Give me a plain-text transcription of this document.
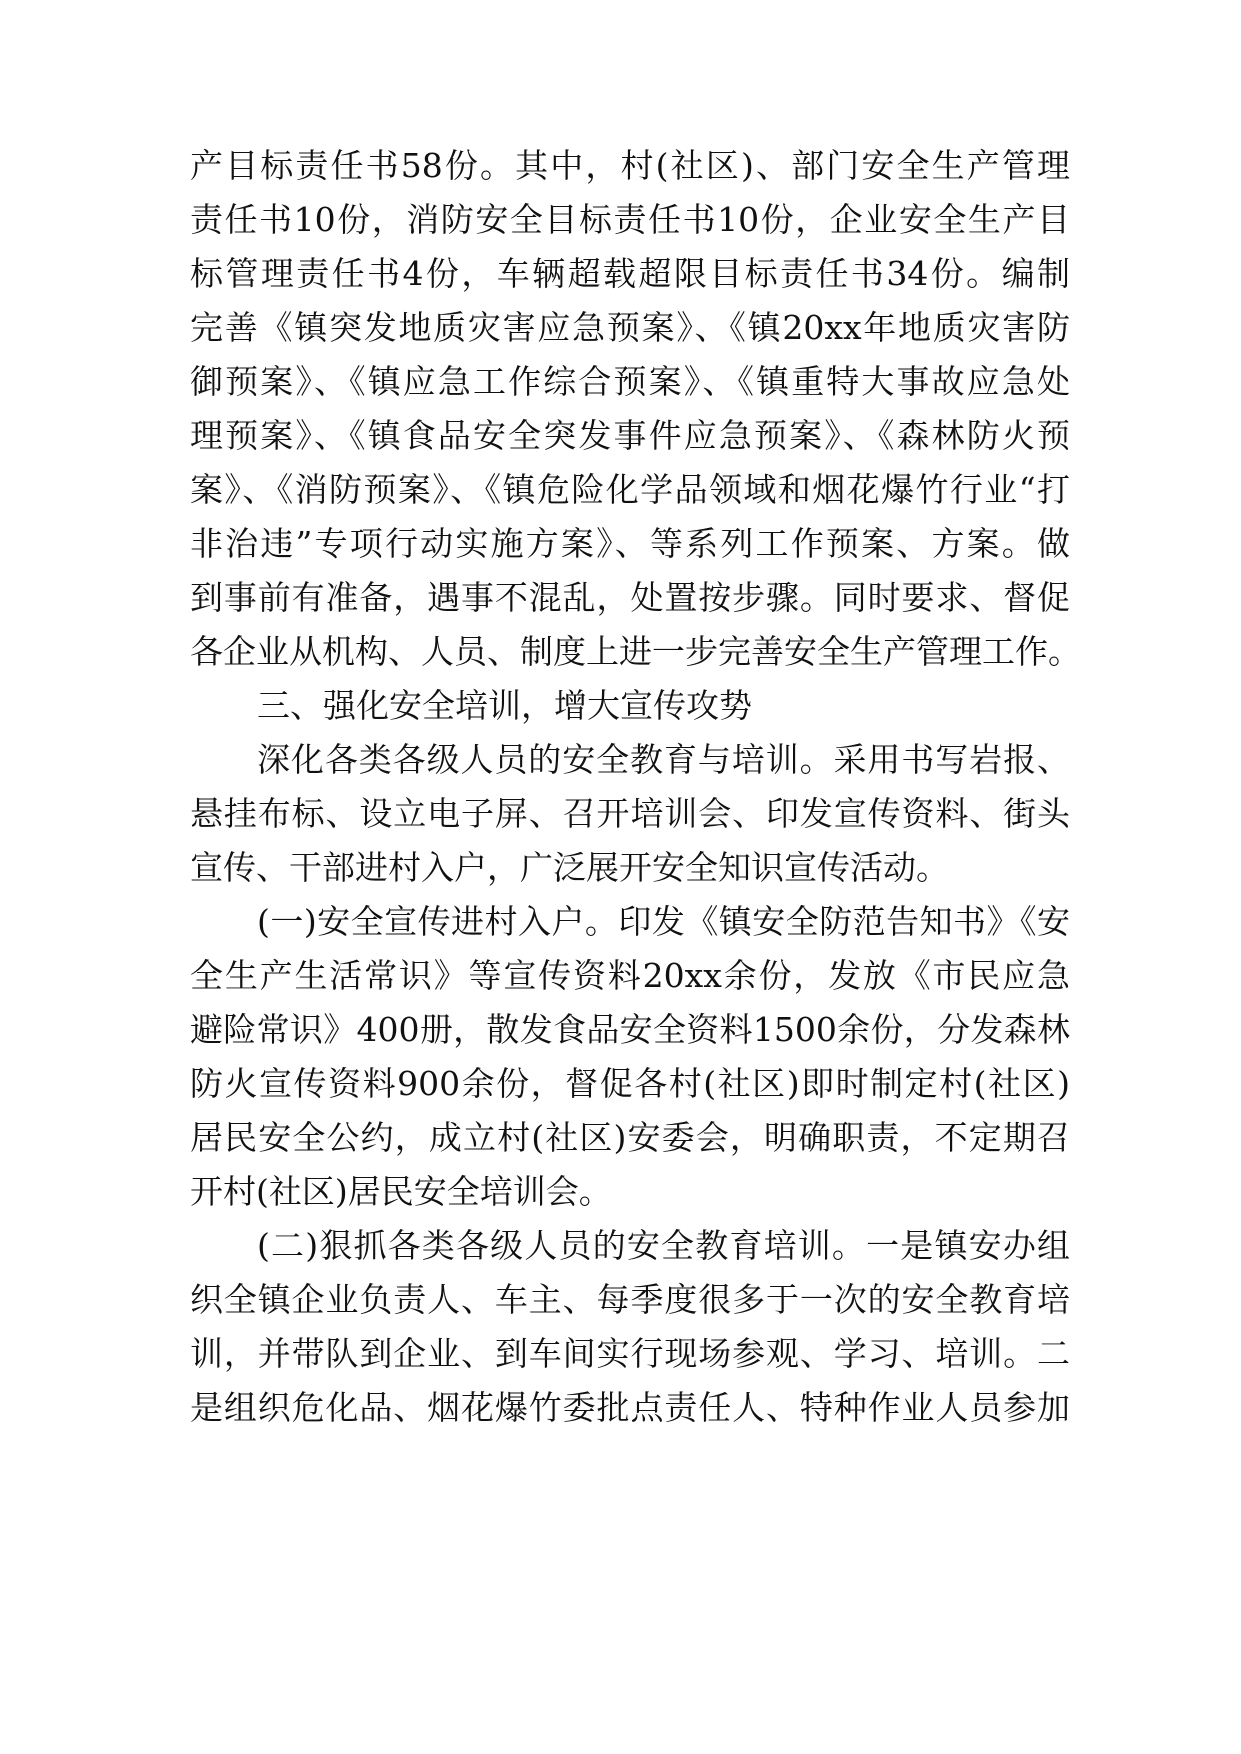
产目标责任书58份。其中，村(社区)、部门安全生产管理
责任书10份，消防安全目标责任书10份，企业安全生产目
标管理责任书4份，车辆超载超限目标责任书34份。编制
完善《镇突发地质灾害应急预案》、《镇20xx年地质灾害防
御预案》、《镇应急工作综合预案》、《镇重特大事故应急处
理预案》、《镇食品安全突发事件应急预案》、《森林防火预
案》、《消防预案》、《镇危险化学品领域和烟花爆竹行业“打
非治违”专项行动实施方案》、等系列工作预案、方案。做
到事前有准备，遇事不混乱，处置按步骤。同时要求、督促
各企业从机构、人员、制度上进一步完善安全生产管理工作。
三、强化安全培训，增大宣传攻势
深化各类各级人员的安全教育与培训。采用书写岩报、
悬挂布标、设立电子屏、召开培训会、印发宣传资料、街头
宣传、干部进村入户，广泛展开安全知识宣传活动。
(一)安全宣传进村入户。印发《镇安全防范告知书》《安
全生产生活常识》等宣传资料20xx余份，发放《市民应急
避险常识》400册，散发食品安全资料1500余份，分发森林
防火宣传资料900余份，督促各村(社区)即时制定村(社区)
居民安全公约，成立村(社区)安委会，明确职责，不定期召
开村(社区)居民安全培训会。
(二)狠抓各类各级人员的安全教育培训。一是镇安办组
织全镇企业负责人、车主、每季度很多于一次的安全教育培
训，并带队到企业、到车间实行现场参观、学习、培训。二
是组织危化品、烟花爆竹委批点责任人、特种作业人员参加
